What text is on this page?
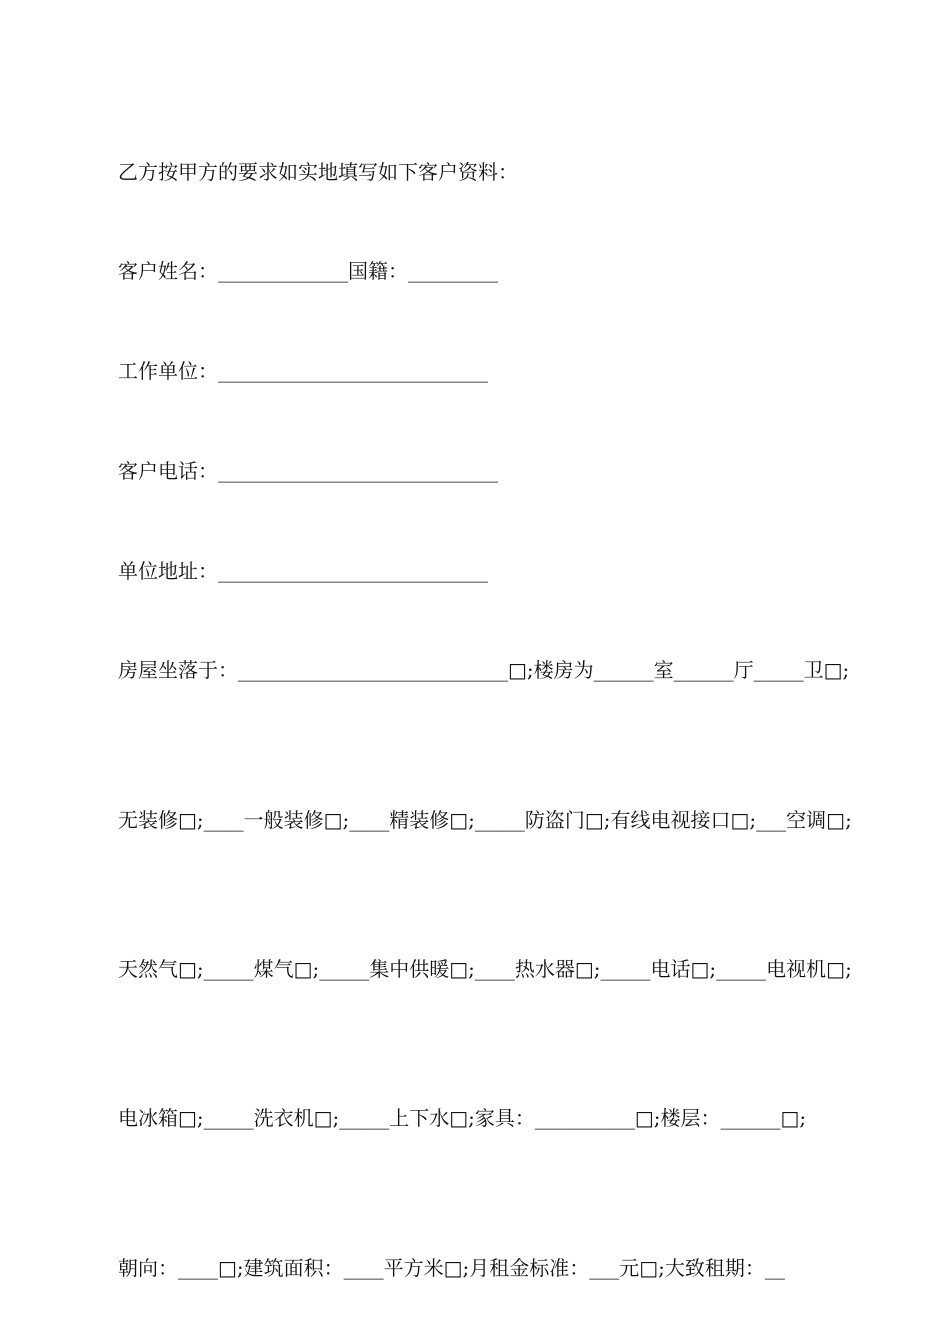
乙方按甲方的要求如实地填写如下客户资料：

客户姓名：_____________国籍：_________

工作单位：___________________________

客户电话：____________________________

单位地址：___________________________

房屋坐落于：___________________________□;楼房为______室______厅_____卫□;

无装修□;____一般装修□;____精装修□;_____防盗门□;有线电视接口□;___空调□;

天然气□;_____煤气□;_____集中供暖□;____热水器□;_____电话□;_____电视机□;

电冰箱□;_____洗衣机□;_____上下水□;家具：__________□;楼层：______□;

朝向：____□;建筑面积：____平方米□;月租金标准：___元□;大致租期：__
